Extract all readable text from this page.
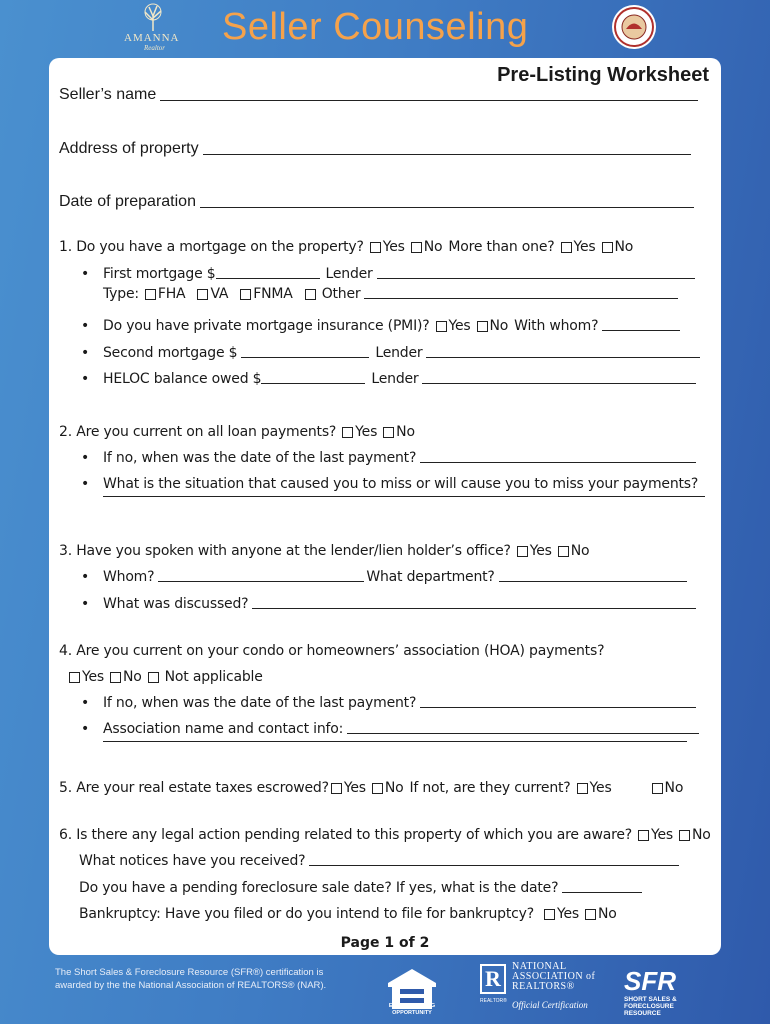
AMANNA
Realtor Seller Counseling
Pre-Listing Worksheet
Seller’s name
Address of property
Date of preparation
1. Do you have a mortgage on the property? Yes No More than one? Yes No
• First mortgage $	Lender
Type: FHA VA FNMA Other
• Do you have private mortgage insurance (PMI)? Yes No With whom?
• Second mortgage $	Lender
• HELOC balance owed $	Lender
2. Are you current on all loan payments? Yes No
• If no, when was the date of the last payment?
• What is the situation that caused you to miss or will cause you to miss your payments?
3. Have you spoken with anyone at the lender/lien holder’s office? Yes No
• Whom?	What department?
• What was discussed?
4. Are you current on your condo or homeowners’ association (HOA) payments?
Yes No Not applicable
• If no, when was the date of the last payment?
• Association name and contact info:
5. Are your real estate taxes escrowed? Yes No If not, are they current? Yes	No
6. Is there any legal action pending related to this property of which you are aware? Yes No
What notices have you received?
Do you have a pending foreclosure sale date? If yes, what is the date?
Bankruptcy: Have you filed or do you intend to file for bankruptcy? Yes No
Page 1 of 2
The Short Sales & Foreclosure Resource (SFR®) certification is awarded by the the National Association of REALTORS® (NAR).
EQUAL HOUSING
OPPORTUNITY
R
REALTOR®
NATIONAL
ASSOCIATION of
REALTORS®
Official Certification
SFR
SHORT SALES &
FORECLOSURE
RESOURCE
